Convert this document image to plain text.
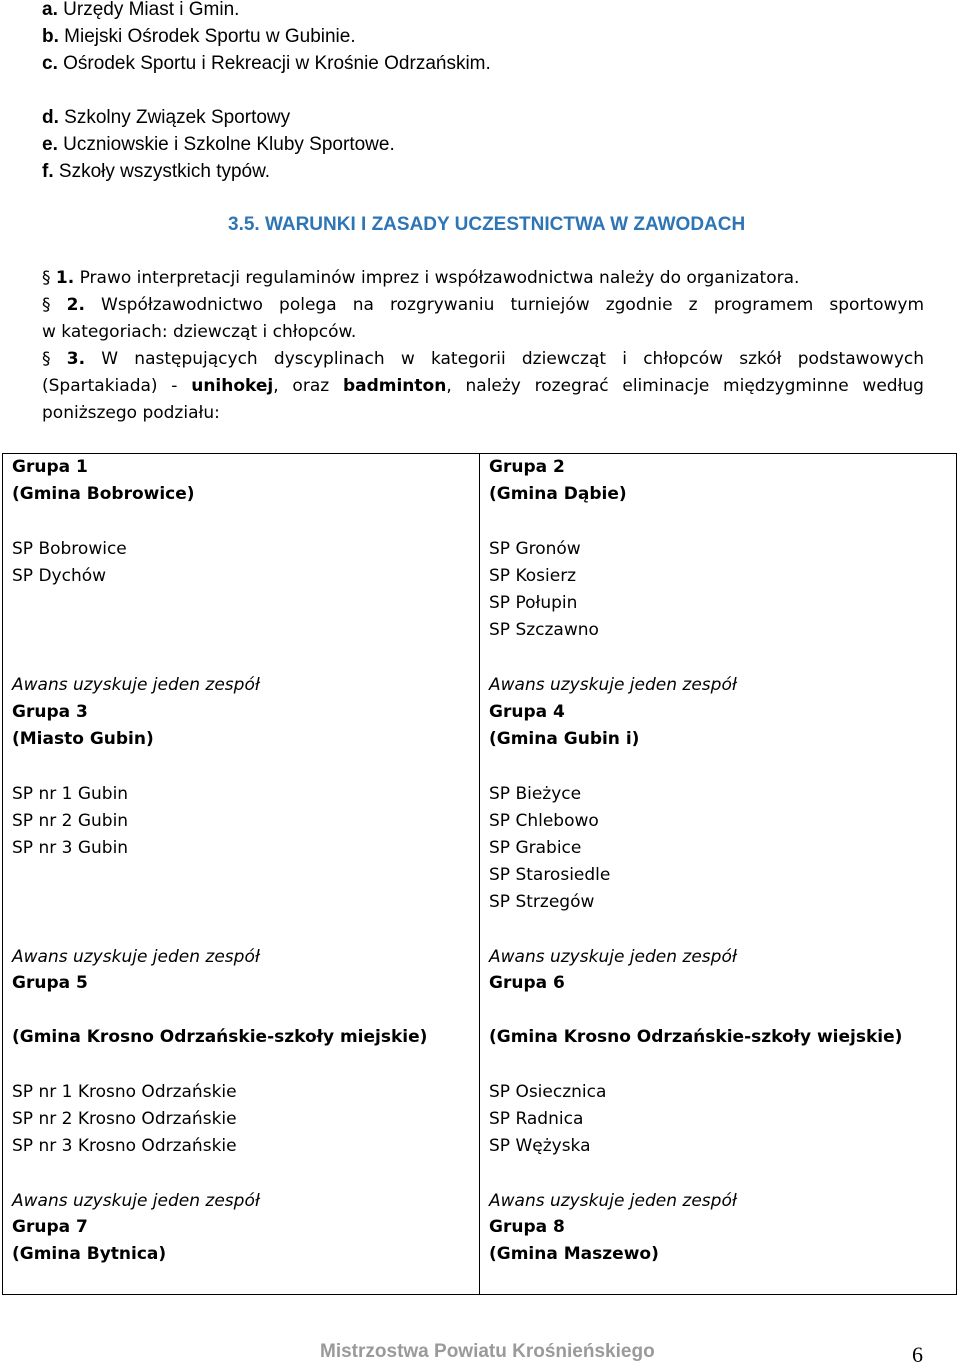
a. Urzędy Miast i Gmin.
b. Miejski Ośrodek Sportu w Gubinie.
c. Ośrodek Sportu i Rekreacji w Krośnie Odrzańskim.
d. Szkolny Związek Sportowy
e. Uczniowskie i Szkolne Kluby Sportowe.
f. Szkoły wszystkich typów.
3.5. WARUNKI I ZASADY UCZESTNICTWA W ZAWODACH
§ 1. Prawo interpretacji regulaminów imprez i współzawodnictwa należy do organizatora.
§ 2. Współzawodnictwo polega na rozgrywaniu turniejów zgodnie z programem sportowym
w kategoriach: dziewcząt i chłopców.
§ 3. W następujących dyscyplinach w kategorii dziewcząt i chłopców szkół podstawowych
(Spartakiada) - unihokej, oraz badminton, należy rozegrać eliminacje międzygminne według
poniższego podziału:
Grupa 1
(Gmina Bobrowice)
SP Bobrowice
SP Dychów
Awans uzyskuje jeden zespół
Grupa 2
(Gmina Dąbie)
SP Gronów
SP Kosierz
SP Połupin
SP Szczawno
Awans uzyskuje jeden zespół
Grupa 3
(Miasto Gubin)
SP nr 1 Gubin
SP nr 2 Gubin
SP nr 3 Gubin
Awans uzyskuje jeden zespół
Grupa 4
(Gmina Gubin i)
SP Bieżyce
SP Chlebowo
SP Grabice
SP Starosiedle
SP Strzegów
Awans uzyskuje jeden zespół
Grupa 5
(Gmina Krosno Odrzańskie-szkoły miejskie)
SP nr 1 Krosno Odrzańskie
SP nr 2 Krosno Odrzańskie
SP nr 3 Krosno Odrzańskie
Awans uzyskuje jeden zespół
Grupa 6
(Gmina Krosno Odrzańskie-szkoły wiejskie)
SP Osiecznica
SP Radnica
SP Wężyska
Awans uzyskuje jeden zespół
Grupa 7
(Gmina Bytnica)
Grupa 8
(Gmina Maszewo)
Mistrzostwa Powiatu Krośnieńskiego	6
